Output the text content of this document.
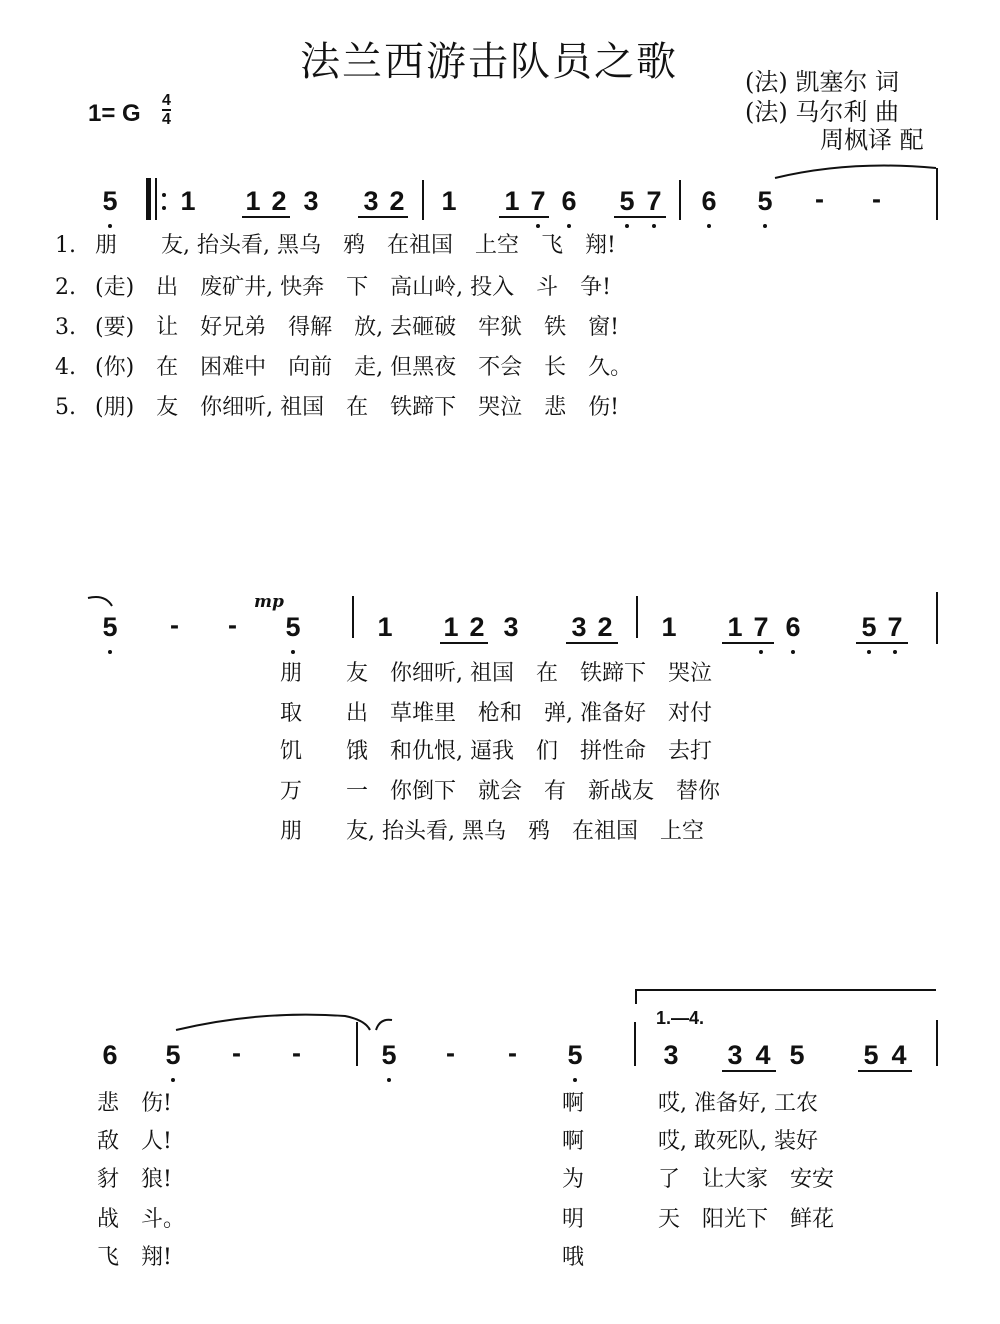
法兰西游击队员之歌	(法) 凯塞尔 词
(法) 马尔利 曲
周枫译 配
1= G $\frac{4}{4}$
5 1 1 2 3 3 2 1 1 7 6 5 7 6 5 - -
1. 朋　　友, 抬头看, 黑乌　鸦　在祖国　上空　飞　翔!
2. (走)　出　废矿井, 快奔　下　高山岭, 投入　斗　争!
3. (要)　让　好兄弟　得解　放, 去砸破　牢狱　铁　窗!
4. (你)　在　困难中　向前　走, 但黑夜　不会　长　久。
5. (朋)　友　你细听, 祖国　在　铁蹄下　哭泣　悲　伤!
5 - -
mp
5	1 1 2 3 3 2 1 1 7 6 5 7
朋　　友　你细听, 祖国　在　铁蹄下　哭泣
取　　出　草堆里　枪和　弹, 准备好　对付
饥　　饿　和仇恨, 逼我　们　拼性命　去打
万　　一　你倒下　就会　有　新战友　替你
朋　　友, 抬头看, 黑乌　鸦　在祖国　上空
6 5 - -	5 - - 5
1.—4.
3 3 4 5 5 4
悲　伤!	啊	哎, 准备好, 工农
敌　人!	啊	哎, 敢死队, 装好
豺　狼!	为	了　让大家　安安
战　斗。	明	天　阳光下　鲜花
飞　翔!	哦
